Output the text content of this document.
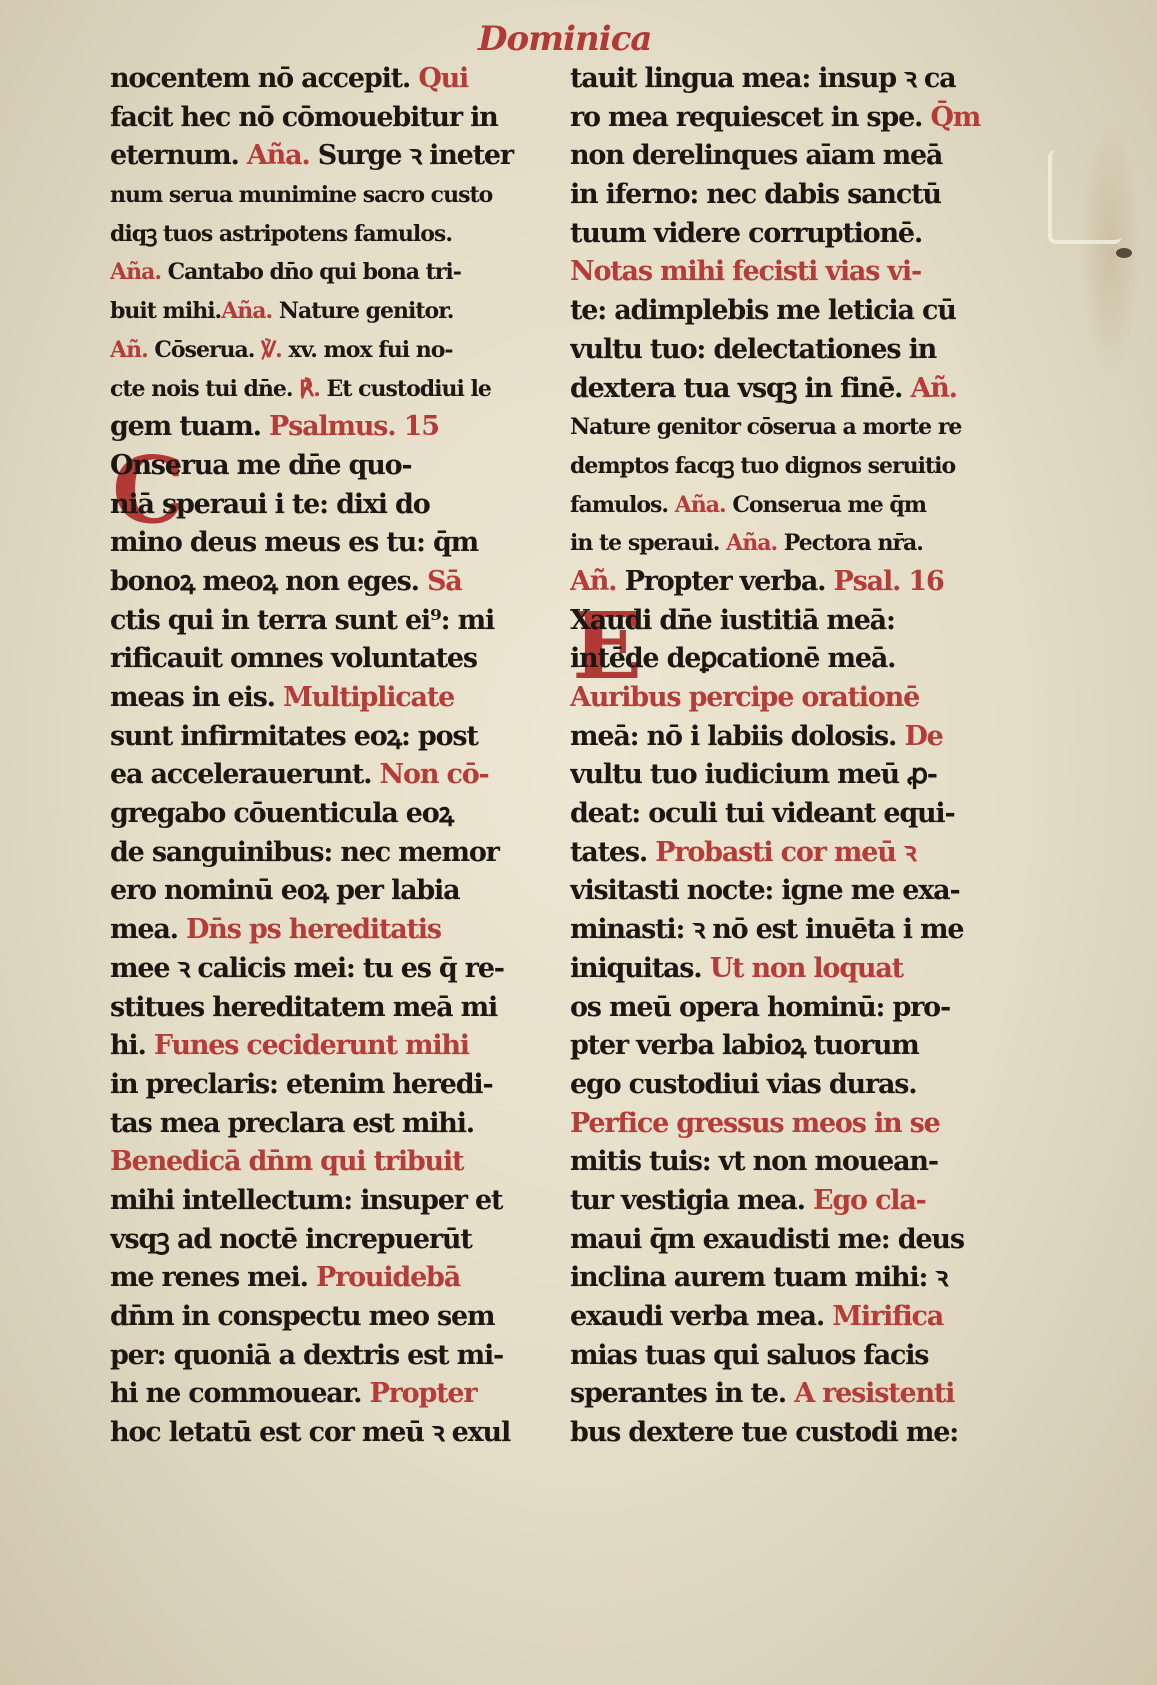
Dominica
C
E
nocentem nō accepit. Qui
facit hec nō cōmouebitur in
eternum. Aña. Surge ꝛ ineter
num serua munimine sacro custo
diqꝫ tuos astripotens famulos.
Aña. Cantabo dn̄o qui bona tri-
buit mihi.Aña. Nature genitor.
Añ. Cōserua. ℣. xv. mox fui no-
cte nois tui dn̄e. ℟. Et custodiui le
gem tuam. Psalmus. 15
Onserua me dn̄e quo-
niā speraui i te: dixi do
mino deus meus es tu: q̄m
bonoꝝ meoꝝ non eges. Sā
ctis qui in terra sunt ei⁹: mi
rificauit omnes voluntates
meas in eis. Multiplicate
sunt infirmitates eoꝝ: post
ea accelerauerunt. Non cō-
gregabo cōuenticula eoꝝ
de sanguinibus: nec memor
ero nominū eoꝝ per labia
mea. Dn̄s ps hereditatis
mee ꝛ calicis mei: tu es q̄ re-
stitues hereditatem meā mi
hi. Funes ceciderunt mihi
in preclaris: etenim heredi-
tas mea preclara est mihi.
Benedicā dn̄m qui tribuit
mihi intellectum: insuper et
vsqꝫ ad noctē increpuerūt
me renes mei. Prouidebā
dn̄m in conspectu meo sem
per: quoniā a dextris est mi-
hi ne commouear. Propter
hoc letatū est cor meū ꝛ exul
tauit lingua mea: insup ꝛ ca
ro mea requiescet in spe. Q̄m
non derelinques aīam meā
in iferno: nec dabis sanctū
tuum videre corruptionē.
Notas mihi fecisti vias vi-
te: adimplebis me leticia cū
vultu tuo: delectationes in
dextera tua vsqꝫ in finē. Añ.
Nature genitor cōserua a morte re
demptos facqꝫ tuo dignos seruitio
famulos. Aña. Conserua me q̄m
in te speraui. Aña. Pectora nr̄a.
Añ. Propter verba. Psal. 16
Xaudi dn̄e iustitiā meā:
intēde deꝑcationē meā.
Auribus percipe orationē
meā: nō i labiis dolosis. De
vultu tuo iudicium meū ꝓ-
deat: oculi tui videant equi-
tates. Probasti cor meū ꝛ
visitasti nocte: igne me exa-
minasti: ꝛ nō est inuēta i me
iniquitas. Ut non loquat
os meū opera hominū: pro-
pter verba labioꝝ tuorum
ego custodiui vias duras.
Perfice gressus meos in se
mitis tuis: vt non mouean-
tur vestigia mea. Ego cla-
maui q̄m exaudisti me: deus
inclina aurem tuam mihi: ꝛ
exaudi verba mea. Mirifica
mias tuas qui saluos facis
sperantes in te. A resistenti
bus dextere tue custodi me:
